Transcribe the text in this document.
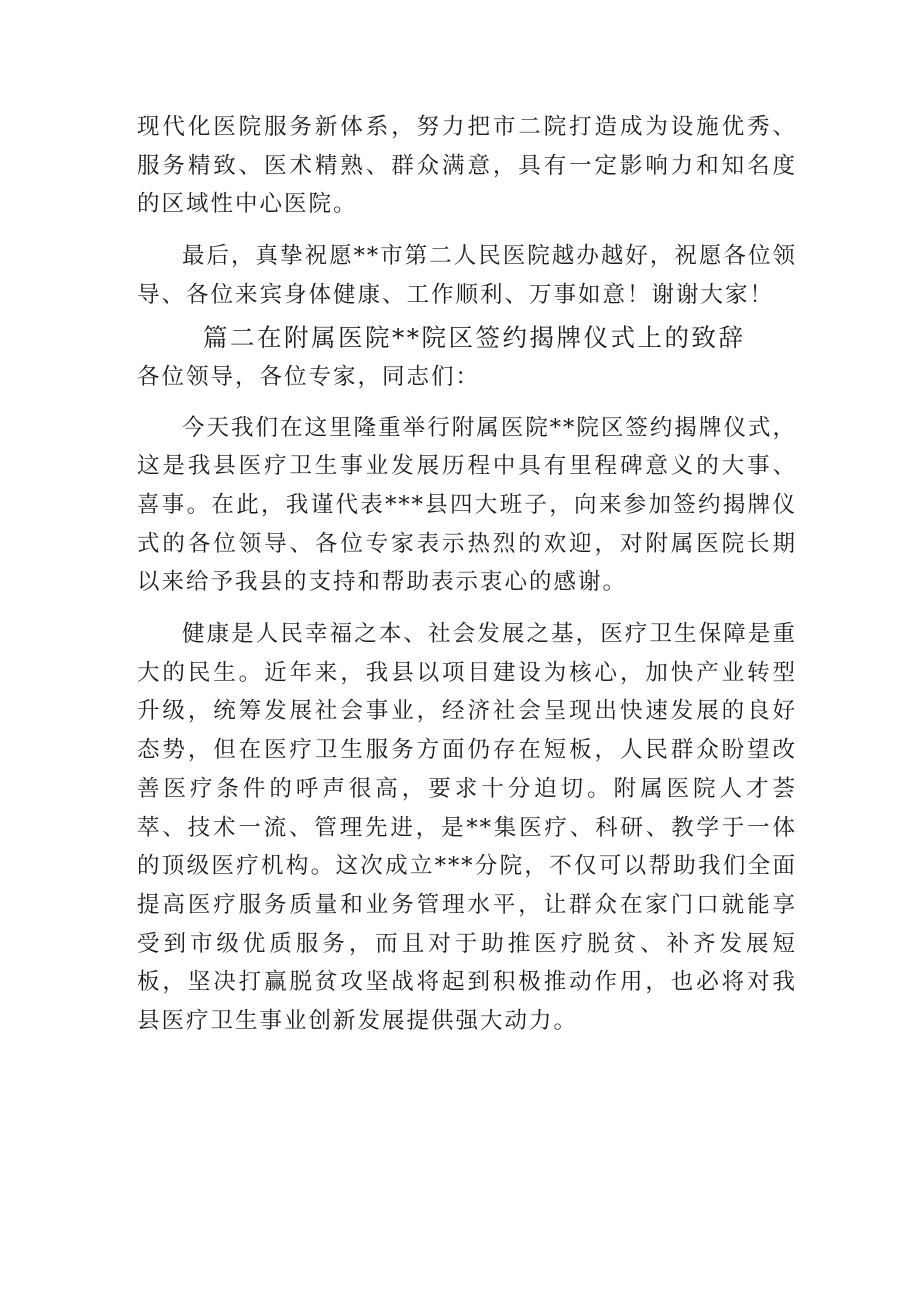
现代化医院服务新体系，努力把市二院打造成为设施优秀、服务精致、医术精熟、群众满意，具有一定影响力和知名度的区域性中心医院。

最后，真挚祝愿**市第二人民医院越办越好，祝愿各位领导、各位来宾身体健康、工作顺利、万事如意！谢谢大家！

篇二在附属医院**院区签约揭牌仪式上的致辞

各位领导，各位专家，同志们：

今天我们在这里隆重举行附属医院**院区签约揭牌仪式，这是我县医疗卫生事业发展历程中具有里程碑意义的大事、喜事。在此，我谨代表***县四大班子，向来参加签约揭牌仪式的各位领导、各位专家表示热烈的欢迎，对附属医院长期以来给予我县的支持和帮助表示衷心的感谢。

健康是人民幸福之本、社会发展之基，医疗卫生保障是重大的民生。近年来，我县以项目建设为核心，加快产业转型升级，统筹发展社会事业，经济社会呈现出快速发展的良好态势，但在医疗卫生服务方面仍存在短板，人民群众盼望改善医疗条件的呼声很高，要求十分迫切。附属医院人才荟萃、技术一流、管理先进，是**集医疗、科研、教学于一体的顶级医疗机构。这次成立***分院，不仅可以帮助我们全面提高医疗服务质量和业务管理水平，让群众在家门口就能享受到市级优质服务，而且对于助推医疗脱贫、补齐发展短板，坚决打赢脱贫攻坚战将起到积极推动作用，也必将对我县医疗卫生事业创新发展提供强大动力。
